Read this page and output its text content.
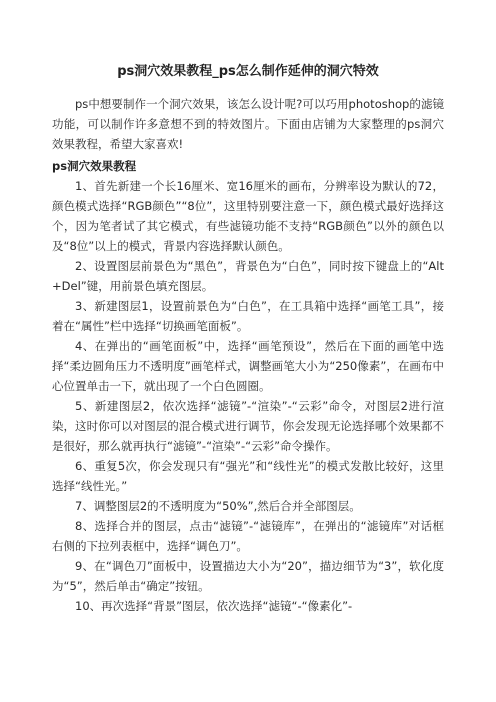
ps洞穴效果教程_ps怎么制作延伸的洞穴特效

ps中想要制作一个洞穴效果，该怎么设计呢?可以巧用photoshop的滤镜功能，可以制作许多意想不到的特效图片。下面由店铺为大家整理的ps洞穴效果教程，希望大家喜欢!

ps洞穴效果教程

1、首先新建一个长16厘米、宽16厘米的画布，分辨率设为默认的72，颜色模式选择“RGB颜色”“8位”，这里特别要注意一下，颜色模式最好选择这个，因为笔者试了其它模式，有些滤镜功能不支持“RGB颜色”以外的颜色以及“8位”以上的模式，背景内容选择默认颜色。

2、设置图层前景色为“黑色”，背景色为“白色”，同时按下键盘上的“Alt+Del”键，用前景色填充图层。

3、新建图层1，设置前景色为“白色”，在工具箱中选择“画笔工具”，接着在“属性”栏中选择“切换画笔面板”。

4、在弹出的“画笔面板”中，选择“画笔预设”，然后在下面的画笔中选择“柔边圆角压力不透明度”画笔样式，调整画笔大小为“250像素”，在画布中心位置单击一下，就出现了一个白色圆圈。

5、新建图层2，依次选择“滤镜”-“渲染”-“云彩”命令，对图层2进行渲染，这时你可以对图层的混合模式进行调节，你会发现无论选择哪个效果都不是很好，那么就再执行“滤镜”-“渲染”-“云彩”命令操作。

6、重复5次，你会发现只有“强光”和“线性光”的模式发散比较好，这里选择“线性光。”

7、调整图层2的不透明度为“50%”,然后合并全部图层。

8、选择合并的图层，点击“滤镜”-“滤镜库”，在弹出的“滤镜库”对话框右侧的下拉列表框中，选择“调色刀”。

9、在“调色刀”面板中，设置描边大小为“20”，描边细节为“3”，软化度为“5”，然后单击“确定”按钮。

10、再次选择“背景”图层，依次选择“滤镜“-“像素化”-
